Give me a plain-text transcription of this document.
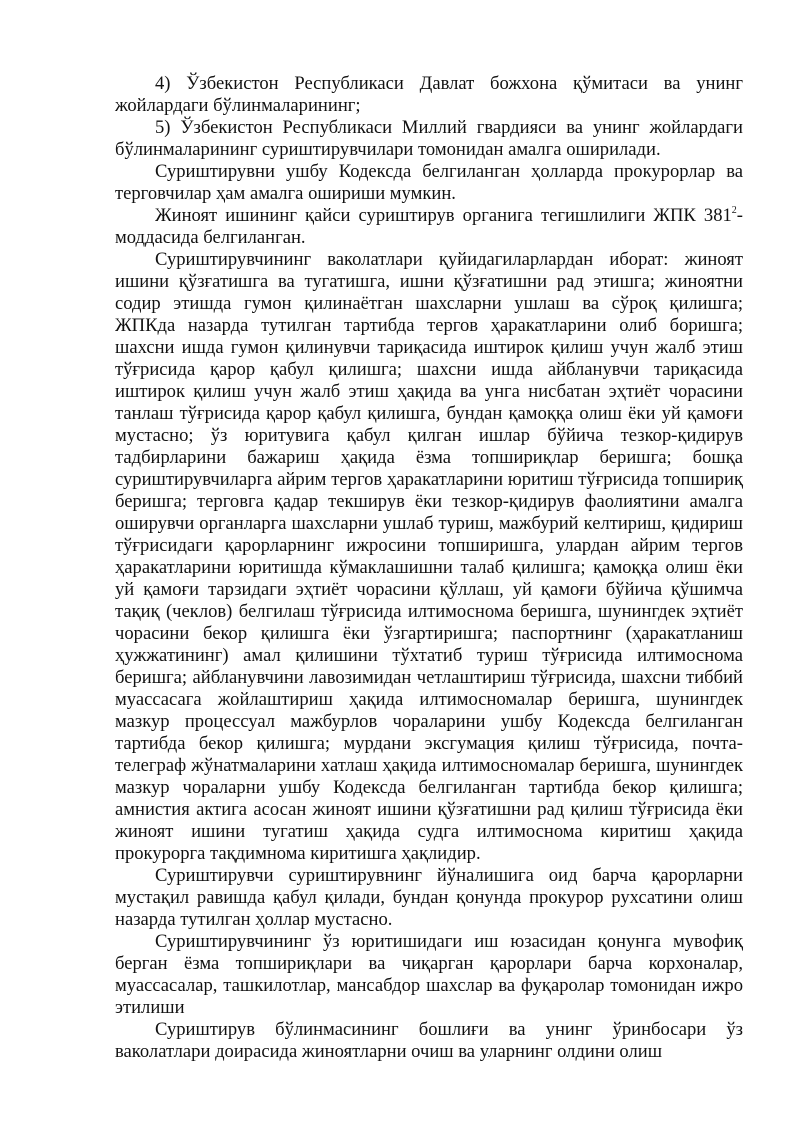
4) Ўзбекистон Республикаси Давлат божхона қўмитаси ва унинг жойлардаги бўлинмаларининг;

5) Ўзбекистон Республикаси Миллий гвардияси ва унинг жойлардаги бўлинмаларининг суриштирувчилари томонидан амалга оширилади.

Суриштирувни ушбу Кодексда белгиланган ҳолларда прокурорлар ва терговчилар ҳам амалга ошириши мумкин.

Жиноят ишининг қайси суриштирув органига тегишлилиги ЖПК $381^2$-моддасида белгиланган.

Суриштирувчининг ваколатлари қуйидагиларлардан иборат: жиноят ишини қўзғатишга ва тугатишга, ишни қўзғатишни рад этишга; жиноятни содир этишда гумон қилинаётган шахсларни ушлаш ва сўроқ қилишга; ЖПКда назарда тутилган тартибда тергов ҳаракатларини олиб боришга; шахсни ишда гумон қилинувчи тариқасида иштирок қилиш учун жалб этиш тўғрисида қарор қабул қилишга; шахсни ишда айбланувчи тариқасида иштирок қилиш учун жалб этиш ҳақида ва унга нисбатан эҳтиёт чорасини танлаш тўғрисида қарор қабул қилишга, бундан қамоққа олиш ёки уй қамоғи мустасно; ўз юритувига қабул қилган ишлар бўйича тезкор-қидирув тадбирларини бажариш ҳақида ёзма топшириқлар беришга; бошқа суриштирувчиларга айрим тергов ҳаракатларини юритиш тўғрисида топшириқ беришга; терговга қадар текширув ёки тезкор-қидирув фаолиятини амалга оширувчи органларга шахсларни ушлаб туриш, мажбурий келтириш, қидириш тўғрисидаги қарорларнинг ижросини топширишга, улардан айрим тергов ҳаракатларини юритишда кўмаклашишни талаб қилишга; қамоққа олиш ёки уй қамоғи тарзидаги эҳтиёт чорасини қўллаш, уй қамоғи бўйича қўшимча тақиқ (чеклов) белгилаш тўғрисида илтимоснома беришга, шунингдек эҳтиёт чорасини бекор қилишга ёки ўзгартиришга; паспортнинг (ҳаракатланиш ҳужжатининг) амал қилишини тўхтатиб туриш тўғрисида илтимоснома беришга; айбланувчини лавозимидан четлаштириш тўғрисида, шахсни тиббий муассасага жойлаштириш ҳақида илтимосномалар беришга, шунингдек мазкур процессуал мажбурлов чораларини ушбу Кодексда белгиланган тартибда бекор қилишга; мурдани эксгумация қилиш тўғрисида, почта-телеграф жўнатмаларини хатлаш ҳақида илтимосномалар беришга, шунингдек мазкур чораларни ушбу Кодексда белгиланган тартибда бекор қилишга; амнистия актига асосан жиноят ишини қўзғатишни рад қилиш тўғрисида ёки жиноят ишини тугатиш ҳақида судга илтимоснома киритиш ҳақида прокурорга тақдимнома киритишга ҳақлидир.

Суриштирувчи суриштирувнинг йўналишига оид барча қарорларни мустақил равишда қабул қилади, бундан қонунда прокурор рухсатини олиш назарда тутилган ҳоллар мустасно.

Суриштирувчининг ўз юритишидаги иш юзасидан қонунга мувофиқ берган ёзма топшириқлари ва чиқарган қарорлари барча корхоналар, муассасалар, ташкилотлар, мансабдор шахслар ва фуқаролар томонидан ижро этилиши

Суриштирув бўлинмасининг бошлиғи ва унинг ўринбосари ўз ваколатлари доирасида жиноятларни очиш ва уларнинг олдини олиш
